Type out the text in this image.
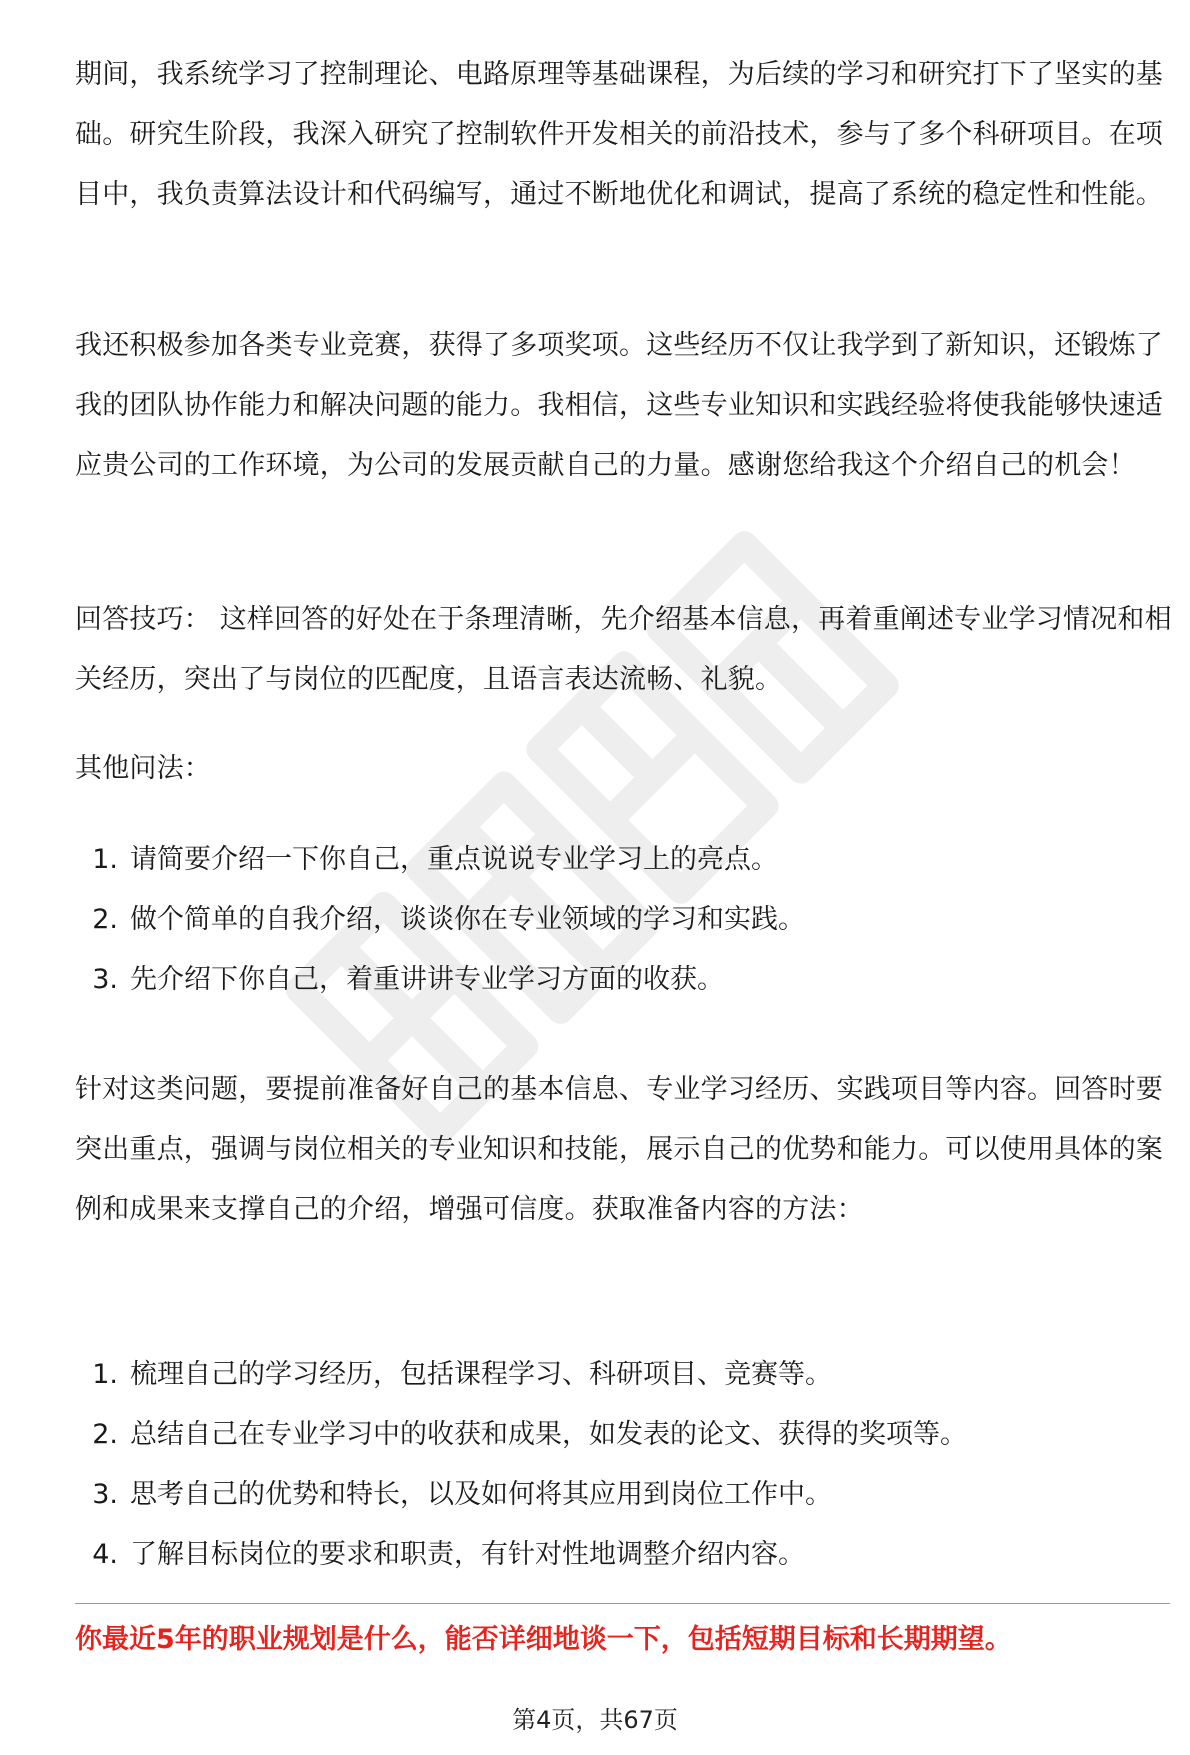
期间，我系统学习了控制理论、电路原理等基础课程，为后续的学习和研究打下了坚实的基础。研究生阶段，我深入研究了控制软件开发相关的前沿技术，参与了多个科研项目。在项目中，我负责算法设计和代码编写，通过不断地优化和调试，提高了系统的稳定性和性能。

我还积极参加各类专业竞赛，获得了多项奖项。这些经历不仅让我学到了新知识，还锻炼了我的团队协作能力和解决问题的能力。我相信，这些专业知识和实践经验将使我能够快速适应贵公司的工作环境，为公司的发展贡献自己的力量。感谢您给我这个介绍自己的机会！

回答技巧： 这样回答的好处在于条理清晰，先介绍基本信息，再着重阐述专业学习情况和相关经历，突出了与岗位的匹配度，且语言表达流畅、礼貌。

其他问法：

1. 请简要介绍一下你自己，重点说说专业学习上的亮点。
2. 做个简单的自我介绍，谈谈你在专业领域的学习和实践。
3. 先介绍下你自己，着重讲讲专业学习方面的收获。

针对这类问题，要提前准备好自己的基本信息、专业学习经历、实践项目等内容。回答时要突出重点，强调与岗位相关的专业知识和技能，展示自己的优势和能力。可以使用具体的案例和成果来支撑自己的介绍，增强可信度。获取准备内容的方法：

1. 梳理自己的学习经历，包括课程学习、科研项目、竞赛等。
2. 总结自己在专业学习中的收获和成果，如发表的论文、获得的奖项等。
3. 思考自己的优势和特长，以及如何将其应用到岗位工作中。
4. 了解目标岗位的要求和职责，有针对性地调整介绍内容。
你最近5年的职业规划是什么，能否详细地谈一下，包括短期目标和长期期望。
第4页，共67页
